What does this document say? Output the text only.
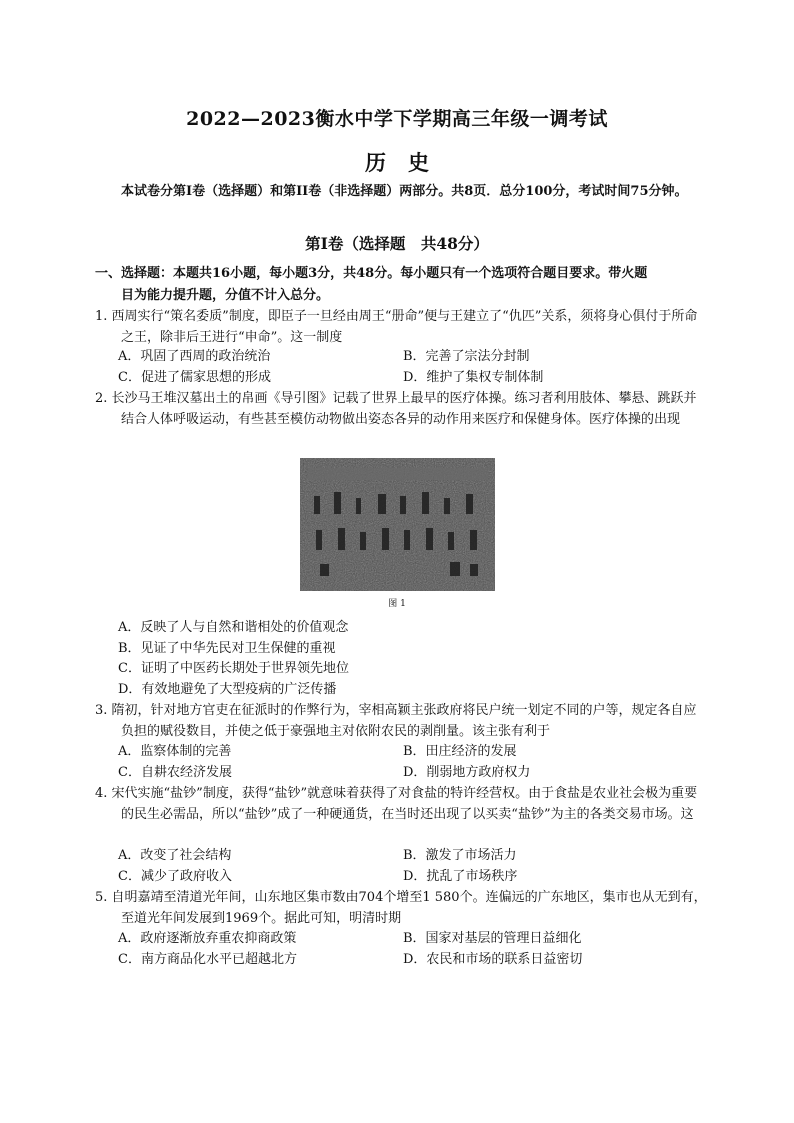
2022—2023衡水中学下学期高三年级一调考试
历史
本试卷分第I卷（选择题）和第II卷（非选择题）两部分。共8页．总分100分，考试时间75分钟。
第I卷（选择题　共48分）
一、选择题：本题共16小题，每小题3分，共48分。每小题只有一个选项符合题目要求。带火题
目为能力提升题，分值不计入总分。
1. 西周实行“策名委质”制度，即臣子一旦经由周王“册命”便与王建立了“仇匹”关系，须将身心俱付于所命之王，除非后王进行“申命”。这一制度
A．巩固了西周的政治统治	B．完善了宗法分封制
C．促进了儒家思想的形成	D．维护了集权专制体制
2. 长沙马王堆汉墓出土的帛画《导引图》记载了世界上最早的医疗体操。练习者利用肢体、攀悬、跳跃并结合人体呼吸运动，有些甚至模仿动物做出姿态各异的动作用来医疗和保健身体。医疗体操的出现
图 1
A．反映了人与自然和谐相处的价值观念
B．见证了中华先民对卫生保健的重视
C．证明了中医药长期处于世界领先地位
D．有效地避免了大型疫病的广泛传播
3. 隋初，针对地方官吏在征派时的作弊行为，宰相高颖主张政府将民户统一划定不同的户等，规定各自应负担的赋役数目，并使之低于豪强地主对依附农民的剥削量。该主张有利于
A．监察体制的完善	B．田庄经济的发展
C．自耕农经济发展	D．削弱地方政府权力
4. 宋代实施“盐钞”制度，获得“盐钞”就意味着获得了对食盐的特许经营权。由于食盐是农业社会极为重要的民生必需品，所以“盐钞”成了一种硬通货，在当时还出现了以买卖“盐钞”为主的各类交易市场。这
A．改变了社会结构	B．激发了市场活力
C．减少了政府收入	D．扰乱了市场秩序
5. 自明嘉靖至清道光年间，山东地区集市数由704个增至1 580个。连偏远的广东地区，集市也从无到有，至道光年间发展到1969个。据此可知，明清时期
A．政府逐渐放弃重农抑商政策	B．国家对基层的管理日益细化
C．南方商品化水平已超越北方	D．农民和市场的联系日益密切
